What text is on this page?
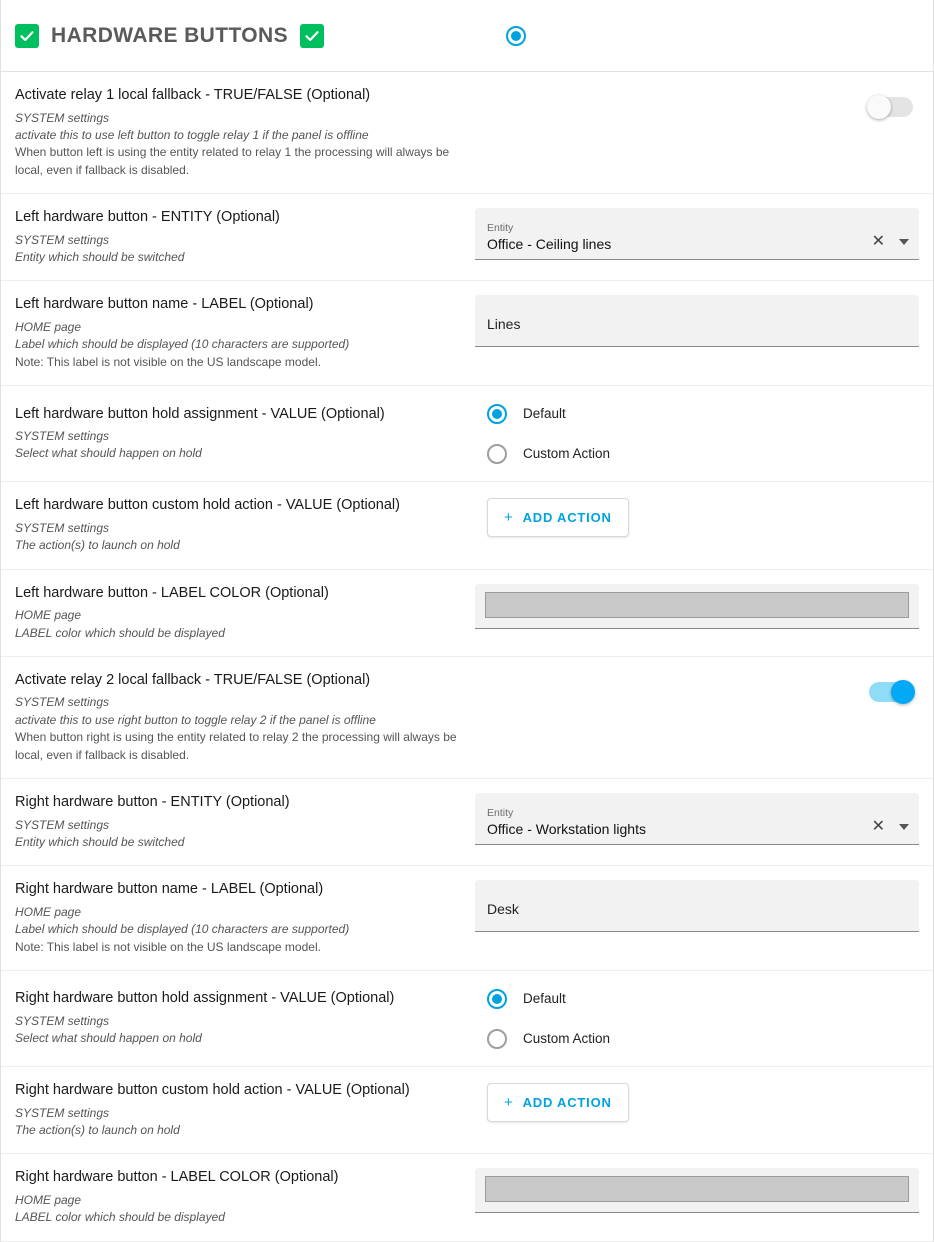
HARDWARE BUTTONS
Activate relay 1 local fallback - TRUE/FALSE (Optional)
SYSTEM settings
activate this to use left button to toggle relay 1 if the panel is offline
When button left is using the entity related to relay 1 the processing will always be local, even if fallback is disabled.
Left hardware button - ENTITY (Optional)
SYSTEM settings
Entity which should be switched
Entity
Office - Ceiling lines	✕
Left hardware button name - LABEL (Optional)
HOME page
Label which should be displayed (10 characters are supported)
Note: This label is not visible on the US landscape model.
Lines
Left hardware button hold assignment - VALUE (Optional)
SYSTEM settings
Select what should happen on hold
Default
Custom Action
Left hardware button custom hold action - VALUE (Optional)
SYSTEM settings
The action(s) to launch on hold
+ ADD ACTION
Left hardware button - LABEL COLOR (Optional)
HOME page
LABEL color which should be displayed
Activate relay 2 local fallback - TRUE/FALSE (Optional)
SYSTEM settings
activate this to use right button to toggle relay 2 if the panel is offline
When button right is using the entity related to relay 2 the processing will always be local, even if fallback is disabled.
Right hardware button - ENTITY (Optional)
SYSTEM settings
Entity which should be switched
Entity
Office - Workstation lights	✕
Right hardware button name - LABEL (Optional)
HOME page
Label which should be displayed (10 characters are supported)
Note: This label is not visible on the US landscape model.
Desk
Right hardware button hold assignment - VALUE (Optional)
SYSTEM settings
Select what should happen on hold
Default
Custom Action
Right hardware button custom hold action - VALUE (Optional)
SYSTEM settings
The action(s) to launch on hold
+ ADD ACTION
Right hardware button - LABEL COLOR (Optional)
HOME page
LABEL color which should be displayed
